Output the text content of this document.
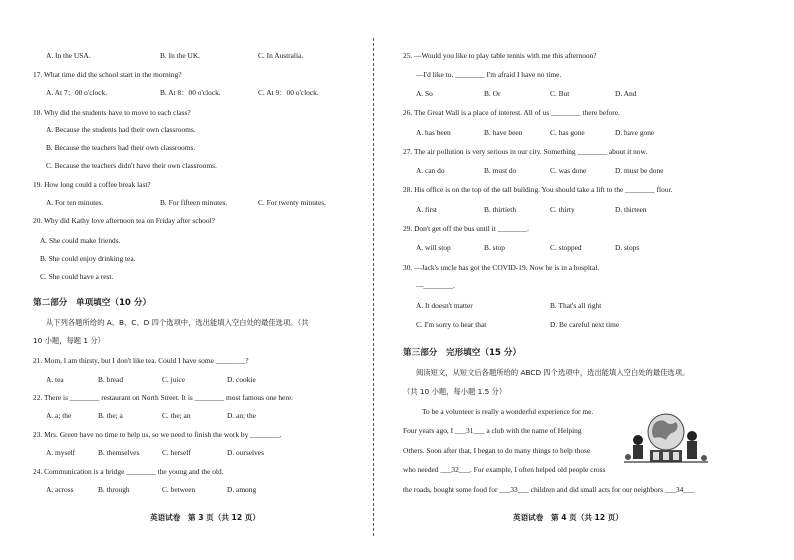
17. What time did the school start in the morning?
18. Why did the students have to move to each class?
A. Because the students had their own classrooms.
B. Because the teachers had their own classrooms.
C. Because the teachers didn't have their own classrooms.
19. How long could a coffee break last?
20. Why did Kathy love afternoon tea on Friday after school?
A. She could make friends.
B. She could enjoy drinking tea.
C. She could have a rest.
21. Mom, I am thirsty, but I don't like tea. Could I have some ________?
22. There is ________ restaurant on North Street. It is ________ most famous one here.
23. Mrs. Green have no time to help us, so we need to finish the work by ________.
24. Communication is a bridge ________ the young and the old.
A. In the USA.	B. In the UK.	C. In Australia.
A. At 7：00 o'clock.	B. At 8：00 o'clock.	C. At 9：00 o'clock.
A. For ten minutes.	B. For fifteen minutes.	C. For twenty minutes.
A. tea	B. bread	C. juice	D. cookie
A. a; the	B. the; a	C. the; an	D. an; the
A. myself	B. themselves	C. herself	D. ourselves
A. across	B. through	C. between	D. among
第二部分　单项填空（10 分）
从下列各题所给的 A、B、C、D 四个选项中，选出能填入空白处的最佳选项。（共
10 小题，每题 1 分）
英语试卷　第 3 页（共 12 页）
25. —Would you like to play table tennis with me this afternoon?
—I'd like to. ________ I'm afraid I have no time.
26. The Great Wall is a place of interest. All of us ________ there before.
27. The air pollution is very serious in our city. Something ________ about it now.
28. His office is on the top of the tall building. You should take a lift to the ________ floor.
29. Don't get off the bus until it ________.
30. —Jack's uncle has got the COVID-19. Now he is in a hospital.
—________.
A. So	B. Or	C. But	D. And
A. has been	B. have been	C. has gone	D. have gone
A. can do	B. must do	C. was done	D. must be done
A. first	B. thirtieth	C. thirty	D. thirteen
A. will stop	B. stop	C. stopped	D. stops
A. It doesn't matter	B. That's all right
C. I'm sorry to hear that	D. Be careful next time
第三部分　完形填空（15 分）
阅读短文，从短文后各题所给的 ABCD 四个选项中，选出能填入空白处的最佳选项。
（共 10 小题，每小题 1.5 分）
To be a volunteer is really a wonderful experience for me.
Four years ago, I ___31___ a club with the name of Helping
Others. Soon after that, I began to do many things to help those
who needed ___32___. For example, I often helped old people cross
the roads, bought some food for ___33___ children and did small acts for our neighbors ___34___
英语试卷　第 4 页（共 12 页）
